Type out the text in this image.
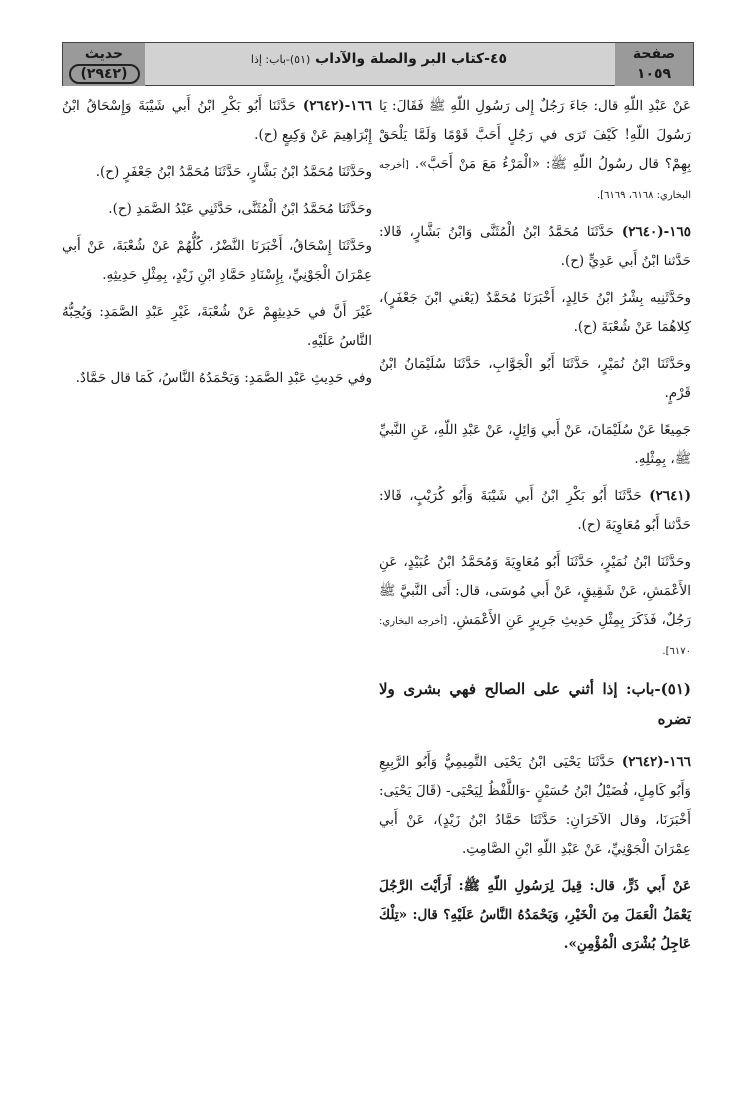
صفحة
١٠٥٩
٤٥-كتاب البر والصلة والآداب (٥١)-باب: إذا
حديث
(٢٩٤٢)

عَنْ عَبْدِ اللّهِ قال: جَاءَ رَجُلٌ إِلى رَسُولِ اللّهِ ﷺ فَقَالَ: يَا رَسُولَ اللّهِ! كَيْفَ تَرَى في رَجُلٍ أَحَبَّ قَوْمًا وَلَمَّا يَلْحَقْ بِهِمْ؟ قال رسُولُ اللّهِ ﷺ: «الْمَرْءُ مَعَ مَنْ أَحَبَّ». [أخرجه البخاري: ٦١٦٨، ٦١٦٩].

١٦٥-(٢٦٤٠) حَدَّثَنَا مُحَمَّدُ ابْنُ الْمُثَنَّى وَابْنُ بَشَّارٍ، قَالا: حَدَّثنا ابْنُ أَبي عَدِيٍّ (ح).

وحَدَّثَنِيه بِشْرُ ابْنُ خَالِدٍ، أَخْبَرَنَا مُحَمَّدٌ (يَعْني ابْنَ جَعْفَرٍ)، كِلاهُمَا عَنْ شُعْبَةَ (ح).

وحَدَّثَنَا ابْنُ نُمَيْرٍ، حَدَّثَنَا أَبُو الْجَوَّابِ، حَدَّثَنَا سُلَيْمَانُ ابْنُ قَرْمٍ.

جَمِيعًا عَنْ سُلَيْمَانَ، عَنْ أَبي وَائِلٍ، عَنْ عَبْدِ اللّهِ، عَنِ النَّبيِّ ﷺ، بِمِثْلِهِ.

(٢٦٤١) حَدَّثَنَا أَبُو بَكْرِ ابْنُ أَبي شَيْبَةَ وَأَبُو كُرَيْبٍ، قَالا: حَدَّثنا أَبُو مُعَاوِيَةَ (ح).

وحَدَّثَنَا ابْنُ نُمَيْرٍ، حَدَّثَنَا أَبُو مُعَاوِيَةَ وَمُحَمَّدُ ابْنُ عُبَيْدٍ، عَنِ الأَعْمَشِ، عَنْ شَقِيقٍ، عَنْ أَبي مُوسَى، قال: أَتَى النَّبيَّ ﷺ رَجُلٌ، فَذَكَرَ بِمِثْلِ حَدِيثِ جَرِيرٍ عَنِ الأَعْمَشِ. [أخرجه البخاري: ٦١٧٠].

(٥١)-باب: إذا أثني على الصالح فهي بشرى ولا تضره

١٦٦-(٢٦٤٢) حَدَّثَنَا يَحْيَى ابْنُ يَحْيَى التَّمِيمِيُّ وَأَبُو الرَّبِيعِ وَأَبُو كَامِلٍ، فُضَيْلُ ابْنُ حُسَيْنٍ -وَاللَّفْظُ لِيَحْيَى- (قَالَ يَحْيَى: أَخْبَرَنَا، وقال الآخَرَانِ: حَدَّثَنَا حَمَّادُ ابْنُ زَيْدٍ)، عَنْ أَبي عِمْرَانَ الْجَوْنِيِّ، عَنْ عَبْدِ اللّهِ ابْنِ الصَّامِتِ.

عَنْ أَبي ذَرٍّ، قال: قِيلَ لِرَسُولِ اللّهِ ﷺ: أَرَأَيْتَ الرَّجُلَ يَعْمَلُ الْعَمَلَ مِنَ الْخَيْرِ، وَيَحْمَدُهُ النَّاسُ عَلَيْهِ؟ قال: «تِلْكَ عَاجِلُ بُشْرَى الْمُؤْمِنِ».

١٦٦-(٢٦٤٢) حَدَّثَنَا أَبُو بَكْرِ ابْنُ أَبي شَيْبَةَ وَإِسْحَاقُ ابْنُ إِبْرَاهِيمَ عَنْ وَكِيعٍ (ح).

وحَدَّثَنَا مُحَمَّدُ ابْنُ بَشَّارٍ، حَدَّثَنَا مُحَمَّدُ ابْنُ جَعْفَرٍ (ح).

وحَدَّثَنَا مُحَمَّدُ ابْنُ الْمُثَنَّى، حَدَّثَنِي عَبْدُ الصَّمَدِ (ح).

وحَدَّثَنَا إِسْحَاقُ، أَخْبَرَنَا النَّضْرُ، كُلُّهُمْ عَنْ شُعْبَةَ، عَنْ أَبي عِمْرَانَ الْجَوْنِيِّ، بِإِسْنَادِ حَمَّادِ ابْنِ زَيْدٍ، بِمِثْلِ حَدِيثِهِ.

غَيْرَ أَنَّ في حَدِيثِهِمْ عَنْ شُعْبَةَ، غَيْرِ عَبْدِ الصَّمَدِ: وَيُحِبُّهُ النَّاسُ عَلَيْهِ.

وفي حَدِيثِ عَبْدِ الصَّمَدِ: وَيَحْمَدُهُ النَّاسُ، كَمَا قال حَمَّادٌ.
